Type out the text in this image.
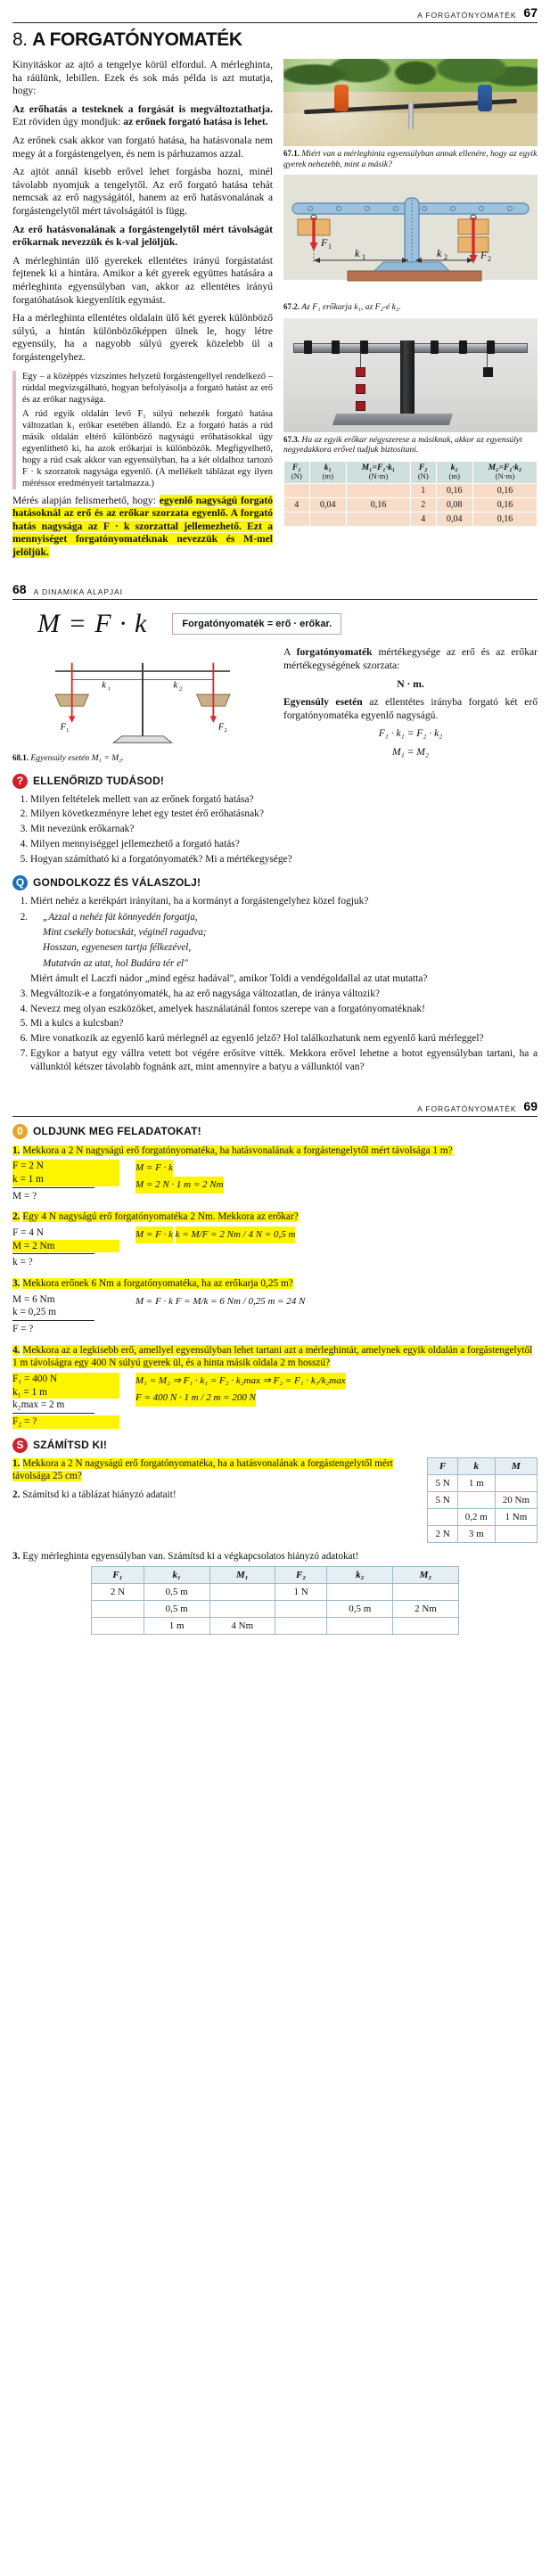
A FORGATÓNYOMATÉK 67
8. A FORGATÓNYOMATÉK

Kinyitáskor az ajtó a tengelye körül elfordul. A mérleghinta, ha ráülünk, lebillen. Ezek és sok más példa is azt mutatja, hogy:

Az erőhatás a testeknek a forgását is megváltoztathatja. Ezt röviden úgy mondjuk: az erőnek forgató hatása is lehet.

Az erőnek csak akkor van forgató hatása, ha hatásvonala nem megy át a forgástengelyen, és nem is párhuzamos azzal.

Az ajtót annál kisebb erővel lehet forgásba hozni, minél távolabb nyomjuk a tengelytől. Az erő forgató hatása tehát nemcsak az erő nagyságától, hanem az erő hatásvonalának a forgástengelytől mért távolságától is függ.

Az erő hatásvonalának a forgástengelytől mért távolságát erőkarnak nevezzük és k-val jelöljük.

A mérleghintán ülő gyerekek ellentétes irányú forgástatást fejtenek ki a hintára. Amikor a két gyerek együttes hatására a mérleghinta egyensúlyban van, akkor az ellentétes irányú forgatóhatások kiegyenlítik egymást.

Ha a mérleghinta ellentétes oldalain ülő két gyerek különböző súlyú, a hintán különbözőképpen ülnek le, hogy létre egyensúly, ha a nagyobb súlyú gyerek közelebb ül a forgástengelyhez.

Egy – a középpés vízszintes helyzetű forgástengellyel rendelkező – rúddal megvizsgálható, hogyan befolyásolja a forgató hatást az erő és az erőkar nagysága.

A rúd egyik oldalán levő F₁ súlyú nehezék forgató hatása változatlan k₁ erőkar esetében állandó. Ez a forgató hatás a rúd másik oldalán eltérő különböző nagyságú erőhatásokkal úgy egyenlíthető ki, ha azok erőkarjai is különbözők. Megfigyelhető, hogy a rúd csak akkor van egyensúlyban, ha a két oldalhoz tartozó F · k szorzatok nagysága egyenlő. (A mellékelt táblázat egy ilyen méréssor eredményeit tartalmazza.)

Mérés alapján felismerhető, hogy: egyenlő nagyságú forgató hatásoknál az erő és az erőkar szorzata egyenlő. A forgató hatás nagysága az F · k szorzattal jellemezhető. Ezt a mennyiséget forgatónyomatéknak nevezzük és M-mel jelöljük.

67.1. Miért van a mérleghinta egyensúlyban annak ellenére, hogy az egyik gyerek nehezebb, mint a másik?
F 1
F 2
k 1	k 2
67.2. Az F₁ erőkarja k₁, az F₂-é k₂.
67.3. Ha az egyik erőkar négyszerese a másiknak, akkor az egyensúlyt negyedakkora erővel tudjuk biztosítani.
F₁
(N)	k₁
(m)	M₁=F₁·k₁
(N·m)	F₂
(N)	k₂
(m)	M₂=F₂·k₂
(N·m)

			1	0,16	0,16
4	0,04	0,16	2	0,08	0,16
			4	0,04	0,16
68 A DINAMIKA ALAPJAI
M = F · k	Forgatónyomaték = erő · erőkar.
k 1	k 2
F 1	F 2
68.1. Egyensúly esetén M₁ = M₂.

A forgatónyomaték mértékegysége az erő és az erőkar mértékegységének szorzata:

N · m.

Egyensúly esetén az ellentétes irányba forgató két erő forgatónyomatéka egyenlő nagyságú.

F₁ · k₁ = F₂ · k₂

M₁ = M₂

? ELLENŐRIZD TUDÁSOD!
1. Milyen feltételek mellett van az erőnek forgató hatása?
2. Milyen következményre lehet egy testet érő erőhatásnak?
3. Mit nevezünk erőkarnak?
4. Milyen mennyiséggel jellemezhető a forgató hatás?
5. Hogyan számítható ki a forgatónyomaték? Mi a mértékegysége?
Q GONDOLKOZZ ÉS VÁLASZOLJ!
1. Miért nehéz a kerékpárt irányítani, ha a kormányt a forgástengelyhez közel fogjuk?
2. „Azzal a nehéz fát könnyedén forgatja,
Mint csekély botocskát, véginél ragadva;
Hosszan, egyenesen tartja félkezével,
Mutatván az utat, hol Budára tér el"
Miért ámult el Laczfi nádor „mind egész hadával", amikor Toldi a vendégoldallal az utat mutatta?
3. Megváltozik-e a forgatónyomaték, ha az erő nagysága változatlan, de iránya változik?
4. Nevezz meg olyan eszközöket, amelyek használatánál fontos szerepe van a forgatónyomatéknak!
5. Mi a kulcs a kulcsban?
6. Mire vonatkozik az egyenlő karú mérlegnél az egyenlő jelző? Hol találkozhatunk nem egyenlő karú mérleggel?
7. Egykor a batyut egy vállra vetett bot végére erősítve vitték. Mekkora erővel lehetne a botot egyensúlyban tartani, ha a vállunktól kétszer távolabb fognánk azt, mint amennyire a batyu a vállunktól van?
A FORGATÓNYOMATÉK 69
0 OLDJUNK MEG FELADATOKAT!
1. Mekkora a 2 N nagyságú erő forgatónyomatéka, ha hatásvonalának a forgástengelytől mért távolsága 1 m?
F = 2 N
k = 1 m
M = ?
M = F · k
M = 2 N · 1 m = 2 Nm
2. Egy 4 N nagyságú erő forgatónyomatéka 2 Nm. Mekkora az erőkar?
F = 4 N
M = 2 Nm
k = ?
M = F · k k = M/F = 2 Nm / 4 N = 0,5 m
3. Mekkora erőnek 6 Nm a forgatónyomatéka, ha az erőkarja 0,25 m?
M = 6 Nm
k = 0,25 m
F = ?
M = F · k F = M/k = 6 Nm / 0,25 m = 24 N
4. Mekkora az a legkisebb erő, amellyel egyensúlyban lehet tartani azt a mérleghintát, amelynek egyik oldalán a forgástengelytől 1 m távolságra egy 400 N súlyú gyerek ül, és a hinta másik oldala 2 m hosszú?
F₁ = 400 N
k₁ = 1 m
k₂max = 2 m
F₂ = ?
M₁ = M₂ ⇒ F₁ · k₁ = F₂ · k₂max ⇒ F₂ = F₁ · k₁/k₂max
F = 400 N · 1 m / 2 m = 200 N
S SZÁMÍTSD KI!

1. Mekkora a 2 N nagyságú erő forgatónyomatéka, ha a hatásvonalának a forgástengelytől mért távolsága 25 cm?

2. Számítsd ki a táblázat hiányzó adatait!

F	k	M
5 N	1 m	
5 N		20 Nm
	0,2 m	1 Nm
2 N	3 m	

3. Egy mérleghinta egyensúlyban van. Számítsd ki a végkapcsolatos hiányzó adatokat!

F₁	k₁	M₁	F₂	k₂	M₂
2 N	0,5 m		1 N		
	0,5 m			0,5 m	2 Nm
	1 m	4 Nm			
